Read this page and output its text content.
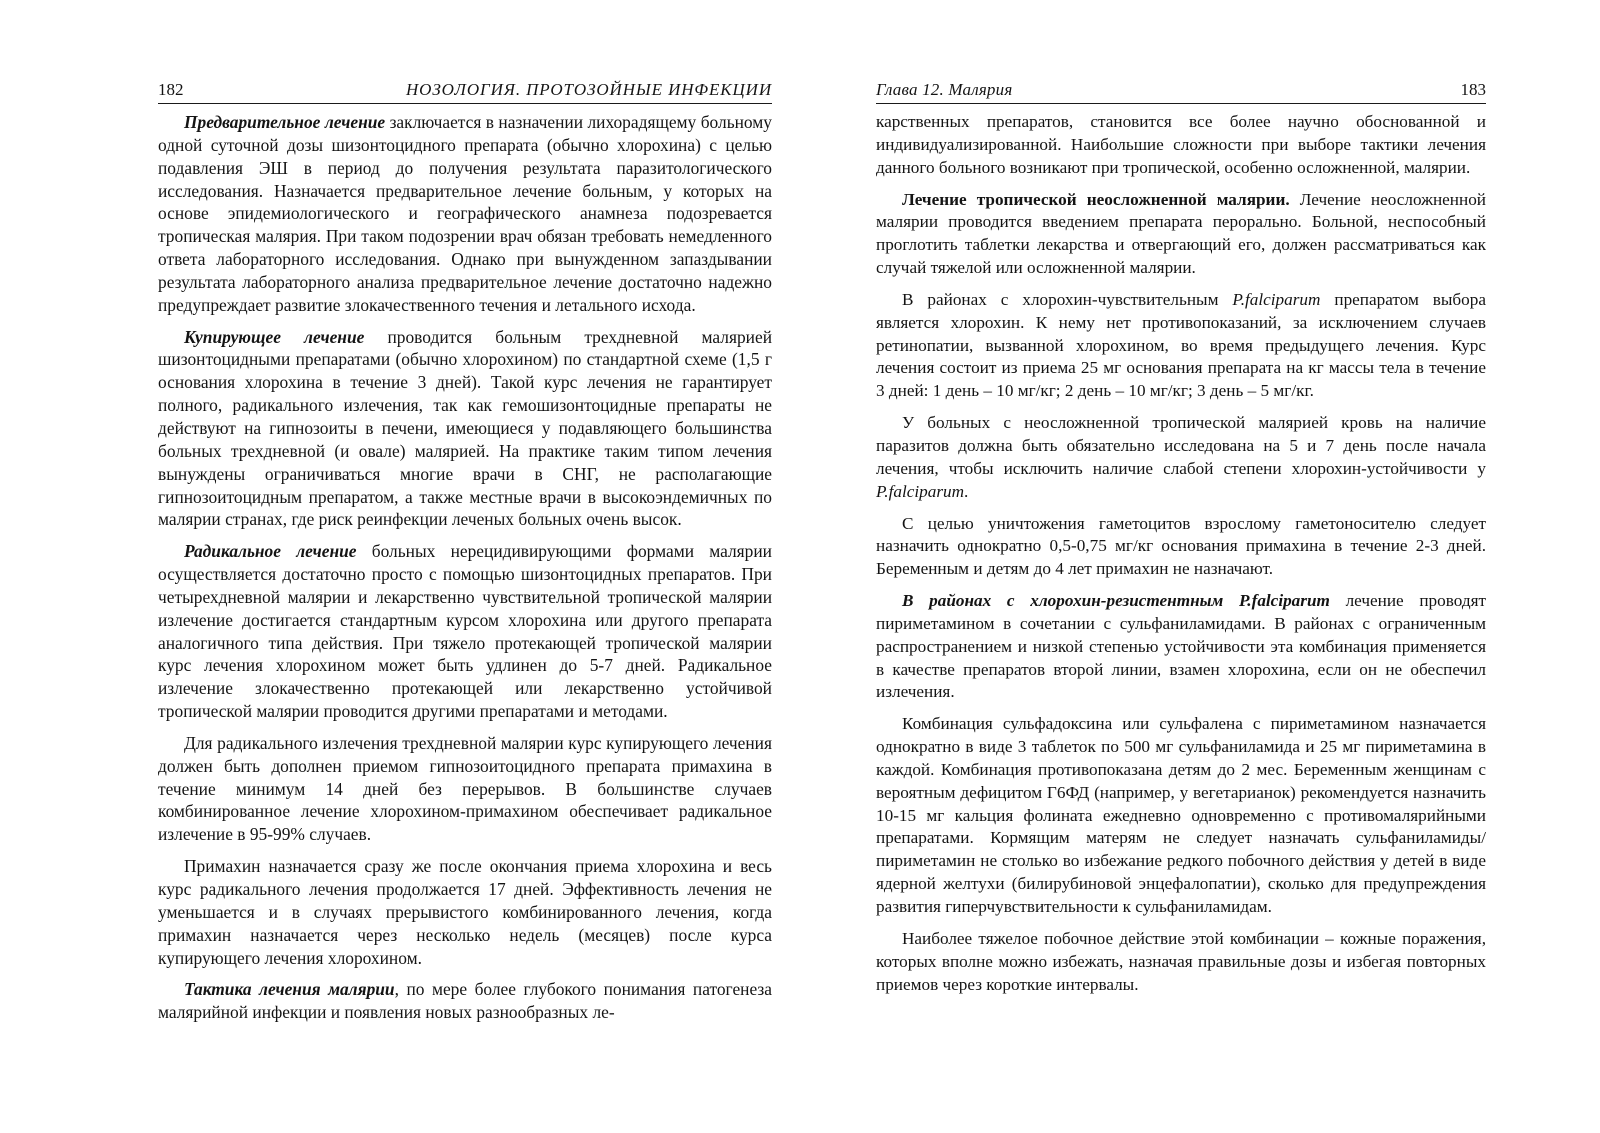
182	НОЗОЛОГИЯ. ПРОТОЗОЙНЫЕ ИНФЕКЦИИ

Предварительное лечение заключается в назначении лихорадящему больному одной суточной дозы шизонтоцидного препарата (обычно хлорохина) с целью подавления ЭШ в период до получения результата паразитологического исследования. Назначается предварительное лечение больным, у которых на основе эпидемиологического и географического анамнеза подозревается тропическая малярия. При таком подозрении врач обязан требовать немедленного ответа лабораторного исследования. Однако при вынужденном запаздывании результата лабораторного анализа предварительное лечение достаточно надежно предупреждает развитие злокачественного течения и летального исхода.

Купирующее лечение проводится больным трехдневной малярией шизонтоцидными препаратами (обычно хлорохином) по стандартной схеме (1,5 г основания хлорохина в течение 3 дней). Такой курс лечения не гарантирует полного, радикального излечения, так как гемошизонтоцидные препараты не действуют на гипнозоиты в печени, имеющиеся у подавляющего большинства больных трехдневной (и овале) малярией. На практике таким типом лечения вынуждены ограничиваться многие врачи в СНГ, не располагающие гипнозоитоцидным препаратом, а также местные врачи в высокоэндемичных по малярии странах, где риск реинфекции леченых больных очень высок.

Радикальное лечение больных нерецидивирующими формами малярии осуществляется достаточно просто с помощью шизонтоцидных препаратов. При четырехдневной малярии и лекарственно чувствительной тропической малярии излечение достигается стандартным курсом хлорохина или другого препарата аналогичного типа действия. При тяжело протекающей тропической малярии курс лечения хлорохином может быть удлинен до 5-7 дней. Радикальное излечение злокачественно протекающей или лекарственно устойчивой тропической малярии проводится другими препаратами и методами.

Для радикального излечения трехдневной малярии курс купирующего лечения должен быть дополнен приемом гипнозоитоцидного препарата примахина в течение минимум 14 дней без перерывов. В большинстве случаев комбинированное лечение хлорохином-примахином обеспечивает радикальное излечение в 95-99% случаев.

Примахин назначается сразу же после окончания приема хлорохина и весь курс радикального лечения продолжается 17 дней. Эффективность лечения не уменьшается и в случаях прерывистого комбинированного лечения, когда примахин назначается через несколько недель (месяцев) после курса купирующего лечения хлорохином.

Тактика лечения малярии, по мере более глубокого понимания патогенеза малярийной инфекции и появления новых разнообразных ле-

Глава 12. Малярия	183

карственных препаратов, становится все более научно обоснованной и индивидуализированной. Наибольшие сложности при выборе тактики лечения данного больного возникают при тропической, особенно осложненной, малярии.

Лечение тропической неосложненной малярии. Лечение неосложненной малярии проводится введением препарата перорально. Больной, неспособный проглотить таблетки лекарства и отвергающий его, должен рассматриваться как случай тяжелой или осложненной малярии.

В районах с хлорохин-чувствительным P.falciparum препаратом выбора является хлорохин. К нему нет противопоказаний, за исключением случаев ретинопатии, вызванной хлорохином, во время предыдущего лечения. Курс лечения состоит из приема 25 мг основания препарата на кг массы тела в течение 3 дней: 1 день – 10 мг/кг; 2 день – 10 мг/кг; 3 день – 5 мг/кг.

У больных с неосложненной тропической малярией кровь на наличие паразитов должна быть обязательно исследована на 5 и 7 день после начала лечения, чтобы исключить наличие слабой степени хлорохин-устойчивости у P.falciparum.

С целью уничтожения гаметоцитов взрослому гаметоносителю следует назначить однократно 0,5-0,75 мг/кг основания примахина в течение 2-3 дней. Беременным и детям до 4 лет примахин не назначают.

В районах с хлорохин-резистентным P.falciparum лечение проводят пириметамином в сочетании с сульфаниламидами. В районах с ограниченным распространением и низкой степенью устойчивости эта комбинация применяется в качестве препаратов второй линии, взамен хлорохина, если он не обеспечил излечения.

Комбинация сульфадоксина или сульфалена с пириметамином назначается однократно в виде 3 таблеток по 500 мг сульфаниламида и 25 мг пириметамина в каждой. Комбинация противопоказана детям до 2 мес. Беременным женщинам с вероятным дефицитом Г6ФД (например, у вегетарианок) рекомендуется назначить 10-15 мг кальция фолината ежедневно одновременно с противомалярийными препаратами. Кормящим матерям не следует назначать сульфаниламиды/пириметамин не столько во избежание редкого побочного действия у детей в виде ядерной желтухи (билирубиновой энцефалопатии), сколько для предупреждения развития гиперчувствительности к сульфаниламидам.

Наиболее тяжелое побочное действие этой комбинации – кожные поражения, которых вполне можно избежать, назначая правильные дозы и избегая повторных приемов через короткие интервалы.
